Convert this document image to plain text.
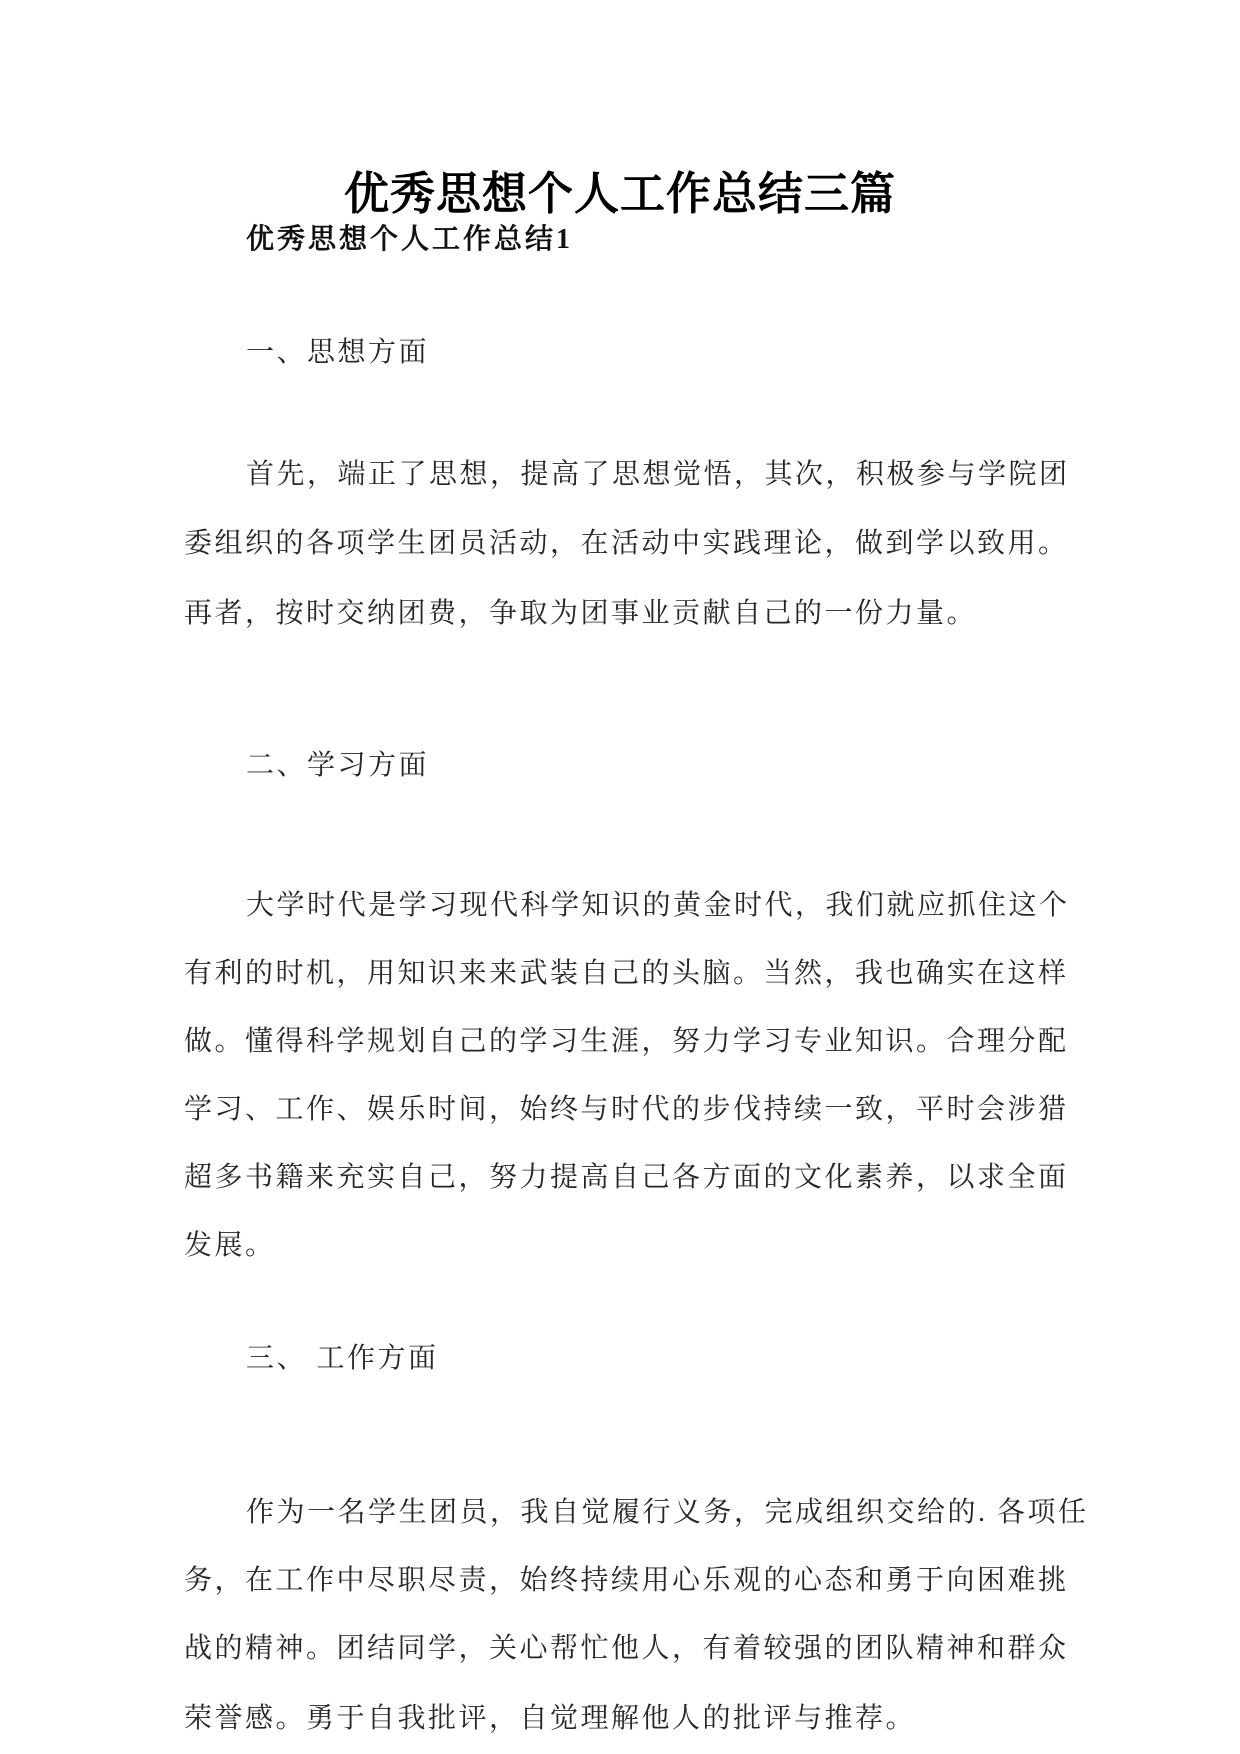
优秀思想个人工作总结三篇
优秀思想个人工作总结1
一、思想方面
首先，端正了思想，提高了思想觉悟，其次，积极参与学院团
委组织的各项学生团员活动，在活动中实践理论，做到学以致用。
再者，按时交纳团费，争取为团事业贡献自己的一份力量。
二、学习方面
大学时代是学习现代科学知识的黄金时代，我们就应抓住这个
有利的时机，用知识来来武装自己的头脑。当然，我也确实在这样
做。懂得科学规划自己的学习生涯，努力学习专业知识。合理分配
学习、工作、娱乐时间，始终与时代的步伐持续一致，平时会涉猎
超多书籍来充实自己，努力提高自己各方面的文化素养，以求全面
发展。
三、 工作方面
作为一名学生团员，我自觉履行义务，完成组织交给的. 各项任
务，在工作中尽职尽责，始终持续用心乐观的心态和勇于向困难挑
战的精神。团结同学，关心帮忙他人，有着较强的团队精神和群众
荣誉感。勇于自我批评，自觉理解他人的批评与推荐。
